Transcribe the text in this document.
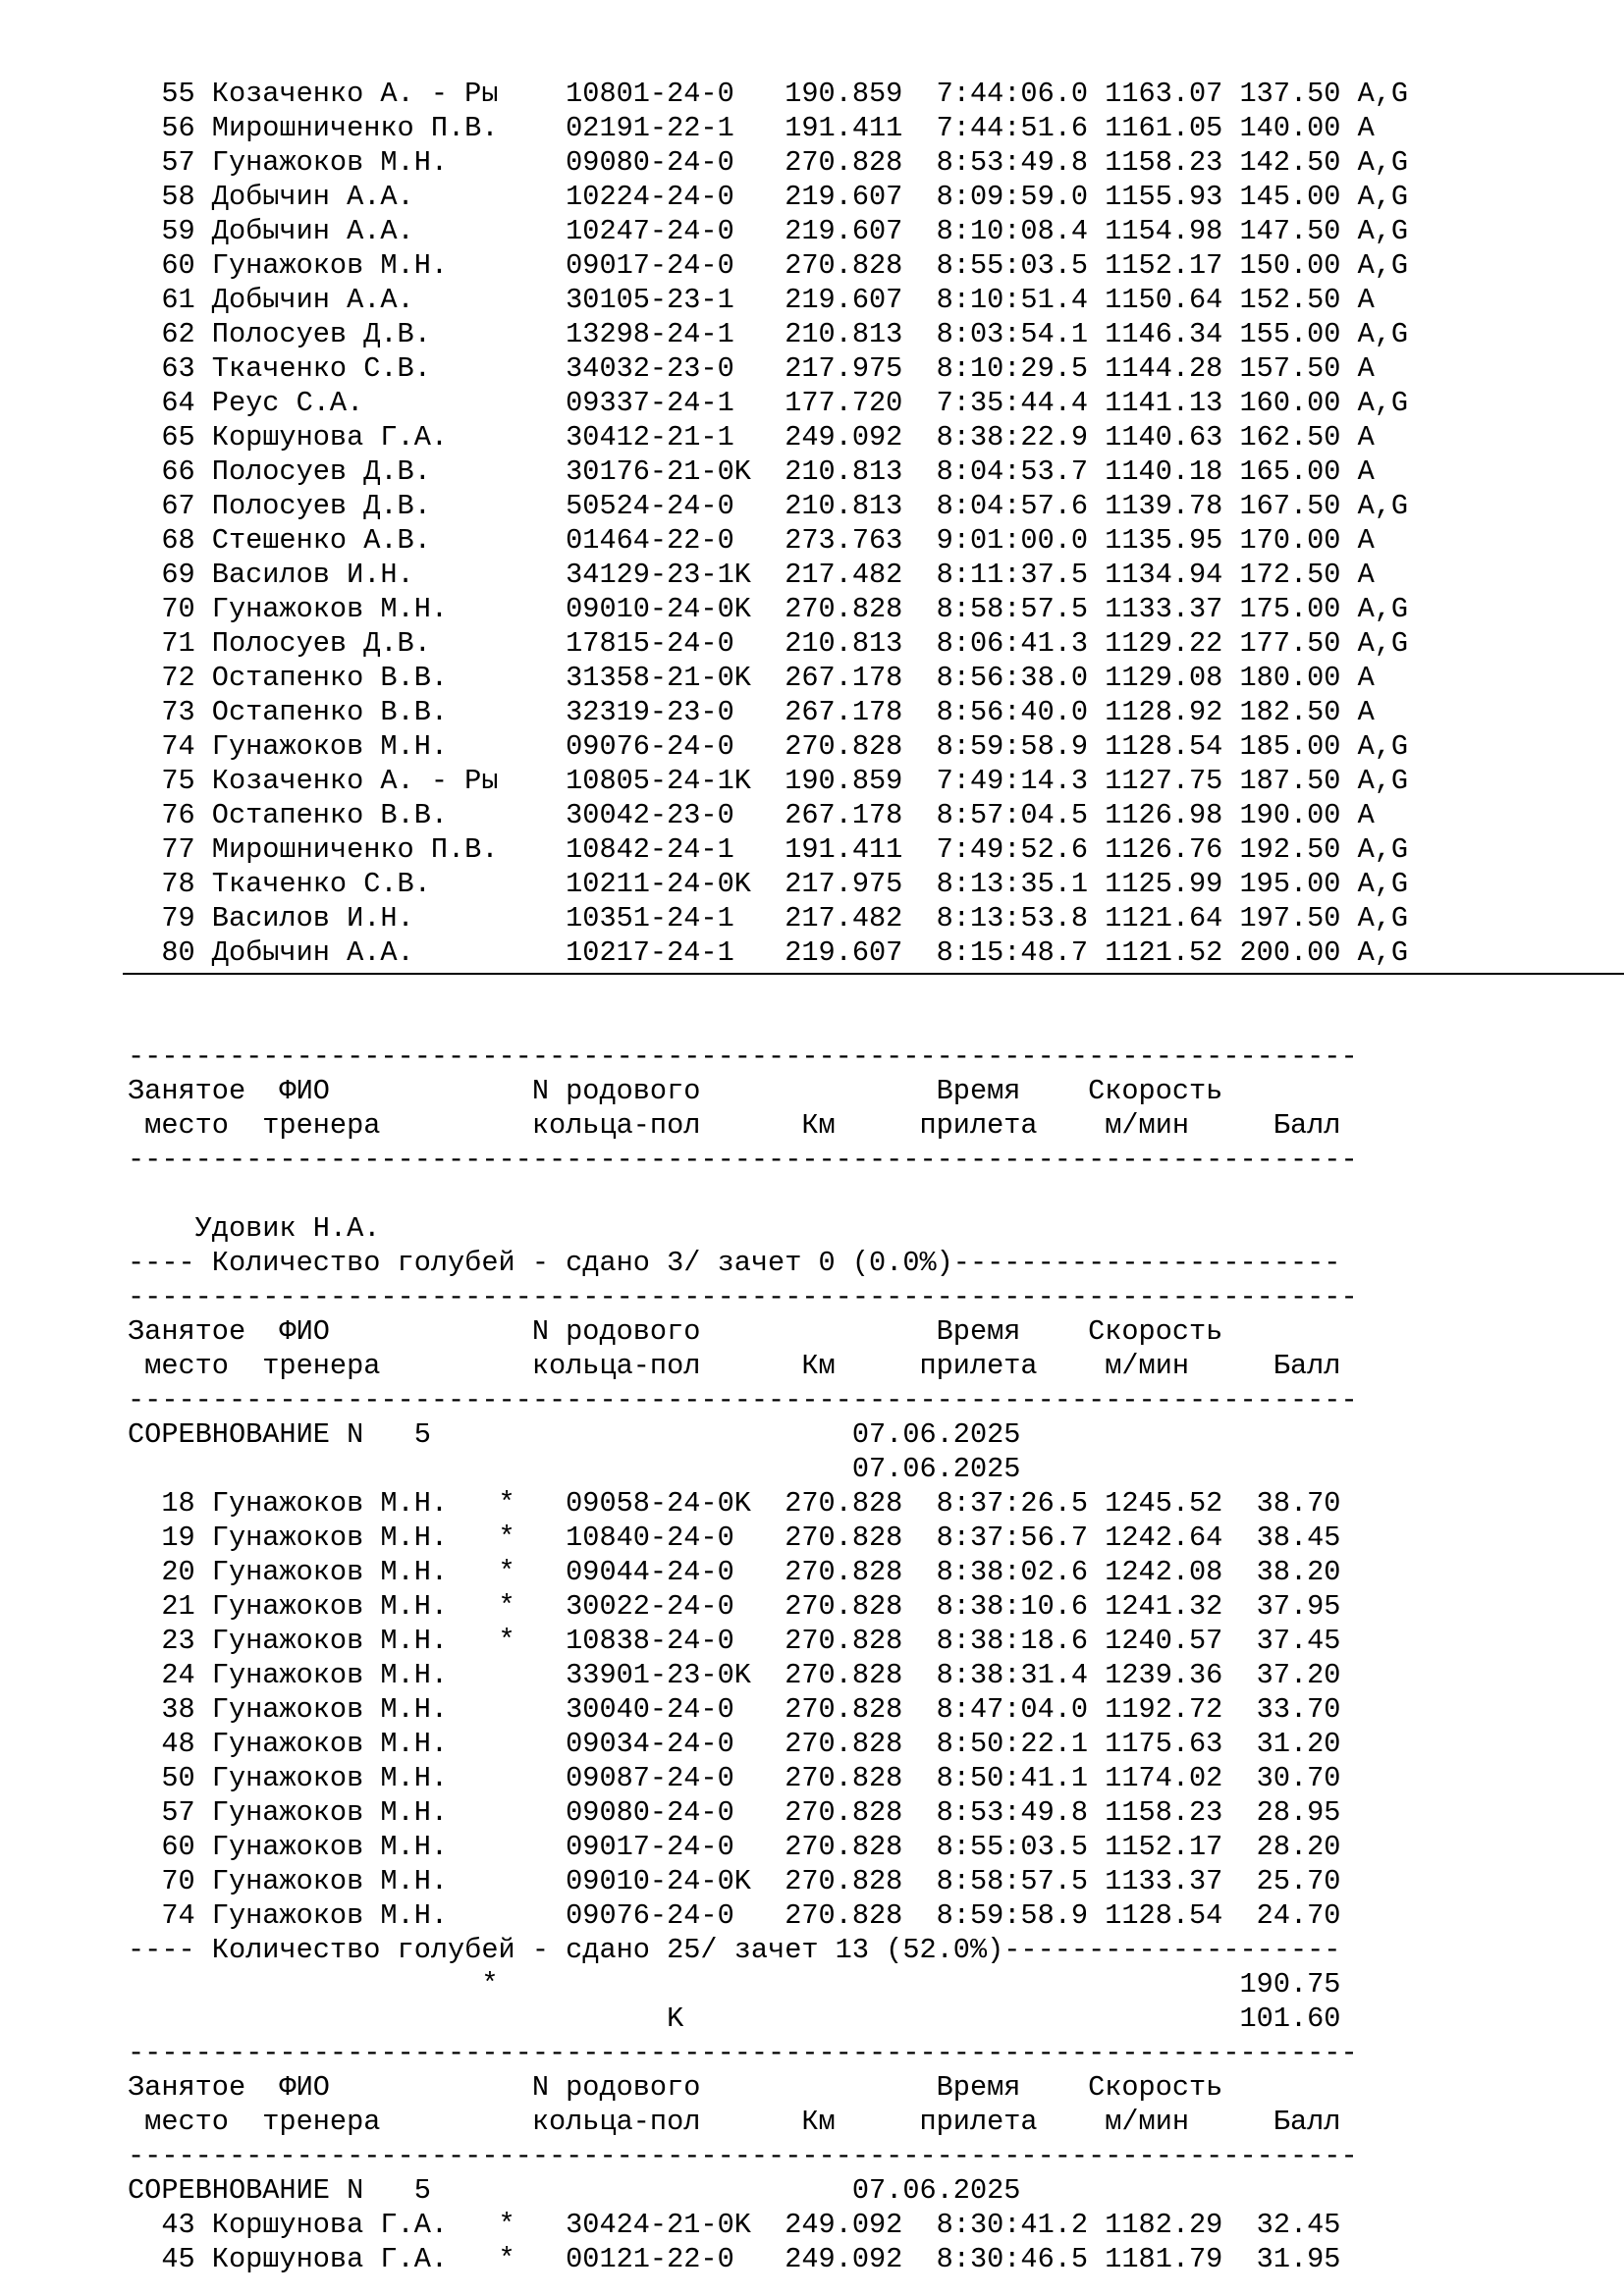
55 Козаченко А. - Ры    10801-24-0   190.859  7:44:06.0 1163.07 137.50 A,G
56 Мирошниченко П.В.    02191-22-1   191.411  7:44:51.6 1161.05 140.00 A
57 Гунажоков М.Н.       09080-24-0   270.828  8:53:49.8 1158.23 142.50 A,G
58 Добычин А.А.         10224-24-0   219.607  8:09:59.0 1155.93 145.00 A,G
59 Добычин А.А.         10247-24-0   219.607  8:10:08.4 1154.98 147.50 A,G
60 Гунажоков М.Н.       09017-24-0   270.828  8:55:03.5 1152.17 150.00 A,G
61 Добычин А.А.         30105-23-1   219.607  8:10:51.4 1150.64 152.50 A
62 Полосуев Д.В.        13298-24-1   210.813  8:03:54.1 1146.34 155.00 A,G
63 Ткаченко С.В.        34032-23-0   217.975  8:10:29.5 1144.28 157.50 A
64 Реус С.А.            09337-24-1   177.720  7:35:44.4 1141.13 160.00 A,G
65 Коршунова Г.А.       30412-21-1   249.092  8:38:22.9 1140.63 162.50 A
66 Полосуев Д.В.        30176-21-0K  210.813  8:04:53.7 1140.18 165.00 A
67 Полосуев Д.В.        50524-24-0   210.813  8:04:57.6 1139.78 167.50 A,G
68 Стешенко А.В.        01464-22-0   273.763  9:01:00.0 1135.95 170.00 A
69 Василов И.Н.         34129-23-1K  217.482  8:11:37.5 1134.94 172.50 A
70 Гунажоков М.Н.       09010-24-0K  270.828  8:58:57.5 1133.37 175.00 A,G
71 Полосуев Д.В.        17815-24-0   210.813  8:06:41.3 1129.22 177.50 A,G
72 Остапенко В.В.       31358-21-0K  267.178  8:56:38.0 1129.08 180.00 A
73 Остапенко В.В.       32319-23-0   267.178  8:56:40.0 1128.92 182.50 A
74 Гунажоков М.Н.       09076-24-0   270.828  8:59:58.9 1128.54 185.00 A,G
75 Козаченко А. - Ры    10805-24-1K  190.859  7:49:14.3 1127.75 187.50 A,G
76 Остапенко В.В.       30042-23-0   267.178  8:57:04.5 1126.98 190.00 A
77 Мирошниченко П.В.    10842-24-1   191.411  7:49:52.6 1126.76 192.50 A,G
78 Ткаченко С.В.        10211-24-0K  217.975  8:13:35.1 1125.99 195.00 A,G
79 Василов И.Н.         10351-24-1   217.482  8:13:53.8 1121.64 197.50 A,G
80 Добычин А.А.         10217-24-1   219.607  8:15:48.7 1121.52 200.00 A,G
-------------------------------------------------------------------------
Занятое  ФИО            N родового              Время    Скорость
место  тренера         кольца-пол      Км     прилета    м/мин     Балл
-------------------------------------------------------------------------
Удовик Н.А.
---- Количество голубей - сдано 3/ зачет 0 (0.0%)-----------------------
-------------------------------------------------------------------------
Занятое  ФИО            N родового              Время    Скорость
место  тренера         кольца-пол      Км     прилета    м/мин     Балл
-------------------------------------------------------------------------
СОРЕВНОВАНИЕ N   5                         07.06.2025
07.06.2025
18 Гунажоков М.Н.   *   09058-24-0K  270.828  8:37:26.5 1245.52  38.70
19 Гунажоков М.Н.   *   10840-24-0   270.828  8:37:56.7 1242.64  38.45
20 Гунажоков М.Н.   *   09044-24-0   270.828  8:38:02.6 1242.08  38.20
21 Гунажоков М.Н.   *   30022-24-0   270.828  8:38:10.6 1241.32  37.95
23 Гунажоков М.Н.   *   10838-24-0   270.828  8:38:18.6 1240.57  37.45
24 Гунажоков М.Н.       33901-23-0K  270.828  8:38:31.4 1239.36  37.20
38 Гунажоков М.Н.       30040-24-0   270.828  8:47:04.0 1192.72  33.70
48 Гунажоков М.Н.       09034-24-0   270.828  8:50:22.1 1175.63  31.20
50 Гунажоков М.Н.       09087-24-0   270.828  8:50:41.1 1174.02  30.70
57 Гунажоков М.Н.       09080-24-0   270.828  8:53:49.8 1158.23  28.95
60 Гунажоков М.Н.       09017-24-0   270.828  8:55:03.5 1152.17  28.20
70 Гунажоков М.Н.       09010-24-0K  270.828  8:58:57.5 1133.37  25.70
74 Гунажоков М.Н.       09076-24-0   270.828  8:59:58.9 1128.54  24.70
---- Количество голубей - сдано 25/ зачет 13 (52.0%)--------------------
*                                            190.75
K                                 101.60
-------------------------------------------------------------------------
Занятое  ФИО            N родового              Время    Скорость
место  тренера         кольца-пол      Км     прилета    м/мин     Балл
-------------------------------------------------------------------------
СОРЕВНОВАНИЕ N   5                         07.06.2025
43 Коршунова Г.А.   *   30424-21-0K  249.092  8:30:41.2 1182.29  32.45
45 Коршунова Г.А.   *   00121-22-0   249.092  8:30:46.5 1181.79  31.95
